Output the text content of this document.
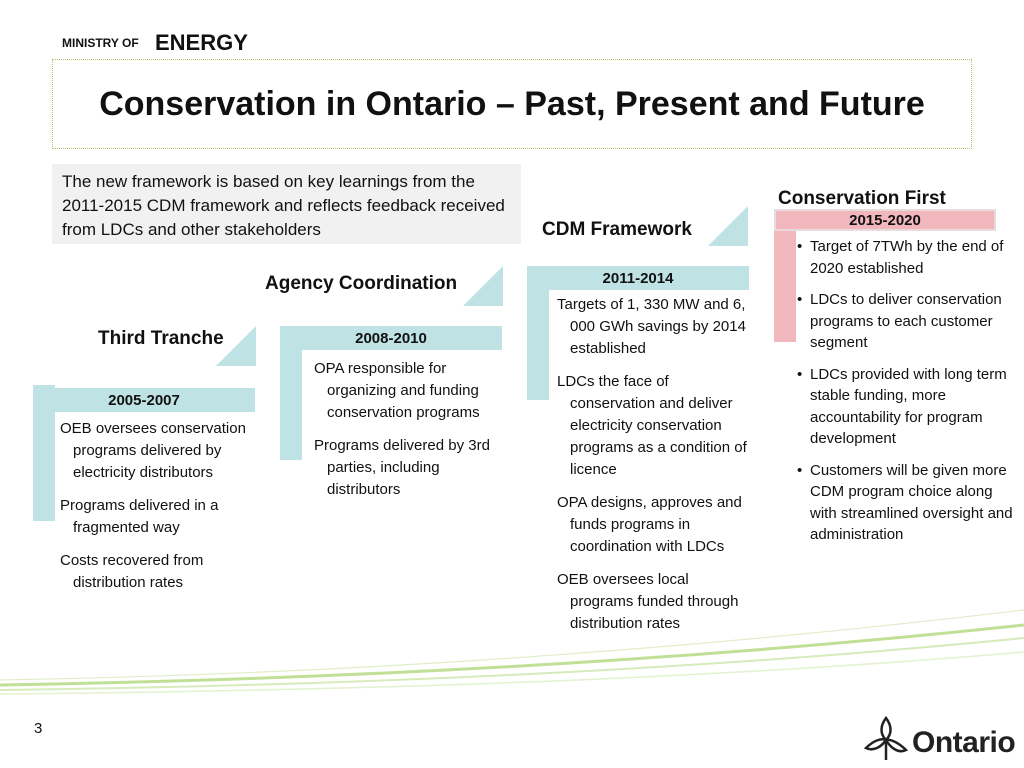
MINISTRY OF ENERGY
Conservation in Ontario – Past, Present and Future
The new framework is based on key learnings from the 2011-2015 CDM framework and reflects feedback received from LDCs and other stakeholders
Third Tranche
2005-2007
OEB oversees conservation programs delivered by electricity distributors
Programs delivered in a fragmented way
Costs recovered from distribution rates
Agency Coordination
2008-2010
OPA responsible for organizing and funding conservation programs
Programs delivered by 3rd parties, including distributors
CDM Framework
2011-2014
Targets of 1, 330 MW and 6, 000 GWh savings by 2014 established
LDCs the face of conservation and deliver electricity conservation programs as a condition of licence
OPA designs, approves and funds programs in coordination with LDCs
OEB oversees local programs funded through distribution rates
Conservation First
2015-2020
• Target of 7TWh by the end of 2020 established
• LDCs to deliver conservation programs to each customer segment
• LDCs provided with long term stable funding, more accountability for program development
• Customers will be given more CDM program choice along with streamlined oversight and administration
3	Ontario
